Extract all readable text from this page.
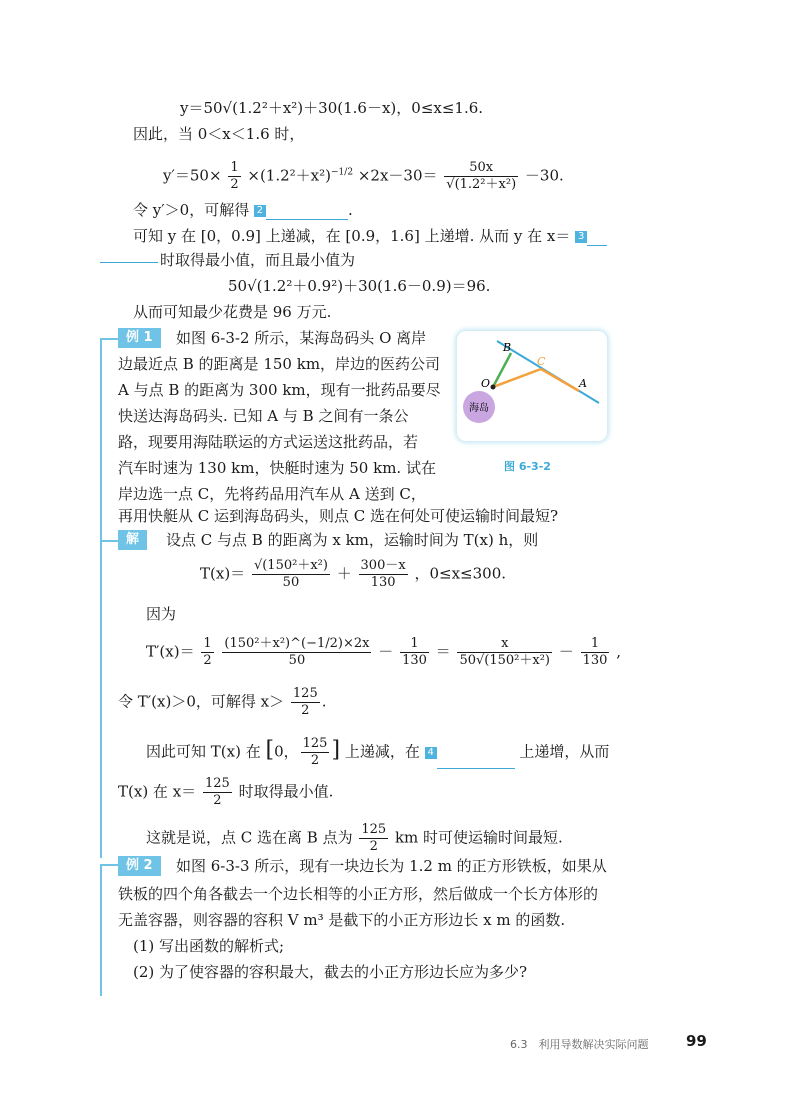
y＝50√(1.2²＋x²)＋30(1.6－x)，0≤x≤1.6.
因此，当 0＜x＜1.6 时，
$y'=50\times \frac{1}{2} \times(1.2^2+x^2)^{-1/2} \times 2x-30= \frac{50x}{\text{√(1.2²＋x²)}} -30$.
令 y′＞0，可解得 2	.
可知 y 在 [0，0.9] 上递减，在 [0.9，1.6] 上递增. 从而 y 在 x＝ 3
时取得最小值，而且最小值为
50√(1.2²＋0.9²)＋30(1.6－0.9)＝96.
从而可知最少花费是 96 万元.
例 1	如图 6-3-2 所示，某海岛码头 O 离岸
边最近点 B 的距离是 150 km，岸边的医药公司
A 与点 B 的距离为 300 km，现有一批药品要尽
快送达海岛码头. 已知 A 与 B 之间有一条公
路，现要用海陆联运的方式运送这批药品，若
汽车时速为 130 km，快艇时速为 50 km. 试在
岸边选一点 C，先将药品用汽车从 A 送到 C，
再用快艇从 C 运到海岛码头，则点 C 选在何处可使运输时间最短?
B
C
A
O
海岛
图 6-3-2
解	设点 C 与点 B 的距离为 x km，运输时间为 T(x) h，则
$T(x)= \frac{\text{√(150²＋x²)}}{50} + \frac{300-x}{130}$ ，0≤x≤300.
因为
$T'(x)= \frac{1}{2}$
$\frac{\text{(150²＋x²)\textasciicircum{}(−1/2)×2x}}{50} - \frac{1}{130} = \frac{x}{\text{50√(150²＋x²)}} - \frac{1}{130}$ ,
令 T′(x)＞0，可解得 $x> \frac{125}{2}$ .
因此可知 T(x) 在 [0， $\frac{125}{2}$ ] 上递减，在 4	上递增，从而
T(x) 在 $x= \frac{125}{2}$ 时取得最小值.
这就是说，点 C 选在离 B 点为 $\frac{125}{2}$ km 时可使运输时间最短.
例 2	如图 6-3-3 所示，现有一块边长为 1.2 m 的正方形铁板，如果从
铁板的四个角各截去一个边长相等的小正方形，然后做成一个长方体形的
无盖容器，则容器的容积 V m³ 是截下的小正方形边长 x m 的函数.
(1) 写出函数的解析式;
(2) 为了使容器的容积最大，截去的小正方形边长应为多少?
6.3　利用导数解决实际问题	99
